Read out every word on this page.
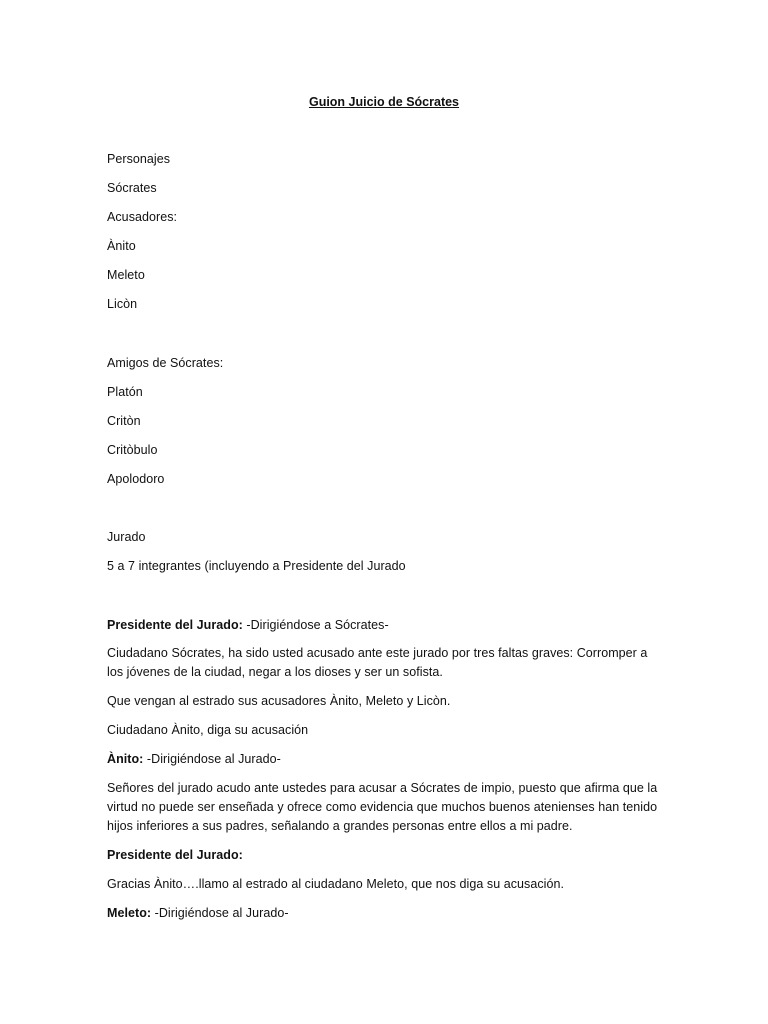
Guion Juicio de Sócrates
Personajes
Sócrates
Acusadores:
Ànito
Meleto
Licòn
Amigos de Sócrates:
Platón
Critòn
Critòbulo
Apolodoro
Jurado
5 a 7 integrantes (incluyendo a Presidente del Jurado
Presidente del Jurado: -Dirigiéndose a Sócrates-
Ciudadano Sócrates, ha sido usted acusado ante este jurado por tres faltas graves: Corromper a los jóvenes de la ciudad, negar a los dioses y ser un sofista.
Que vengan al estrado sus acusadores Ànito, Meleto y Licòn.
Ciudadano Ànito, diga su acusación
Ànito: -Dirigiéndose al Jurado-
Señores del jurado acudo ante ustedes para acusar a Sócrates de impio, puesto que afirma que la virtud no puede ser enseñada y ofrece como evidencia que muchos buenos atenienses han tenido hijos inferiores a sus padres, señalando a grandes personas entre ellos a mi padre.
Presidente del Jurado:
Gracias Ànito….llamo al estrado al ciudadano Meleto, que nos diga su acusación.
Meleto: -Dirigiéndose al Jurado-
